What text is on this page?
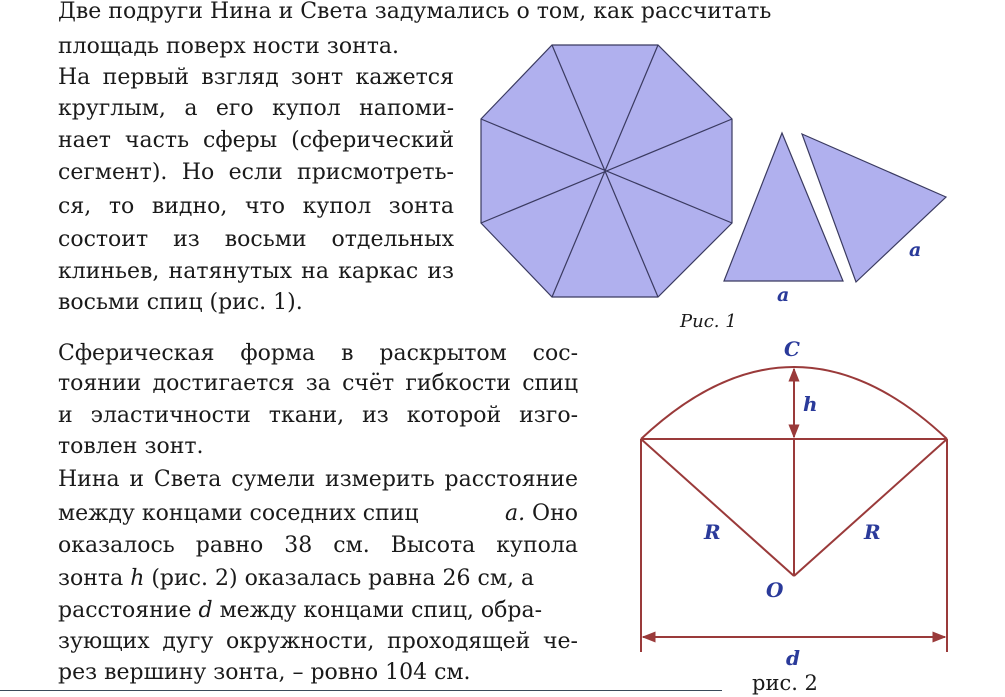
Две подруги Нина и Света задумались о том, как рассчитать
площадь поверх ности зонта.
На первый взгляд зонт кажется
круглым, а его купол напоми-
нает часть сферы (сферический
сегмент). Но если присмотреть-
ся, то видно, что купол зонта
состоит из восьми отдельных
клиньев, натянутых на каркас из
восьми спиц (рис. 1).	a
a
Рис. 1
Сферическая форма в раскрытом сос-
тоянии достигается за счёт гибкости спиц
и эластичности ткани, из которой изго-
товлен зонт.
Нина и Света сумели измерить расстояние
между концами соседних спиц	a. Оно
оказалось равно 38 см. Высота купола
зонта h (рис. 2) оказалась равна 26 см, а
расстояние d между концами спиц, обра-
зующих дугу окружности, проходящей че-
рез вершину зонта, – ровно 104 см.
C
h
R	R
O
d
рис. 2
